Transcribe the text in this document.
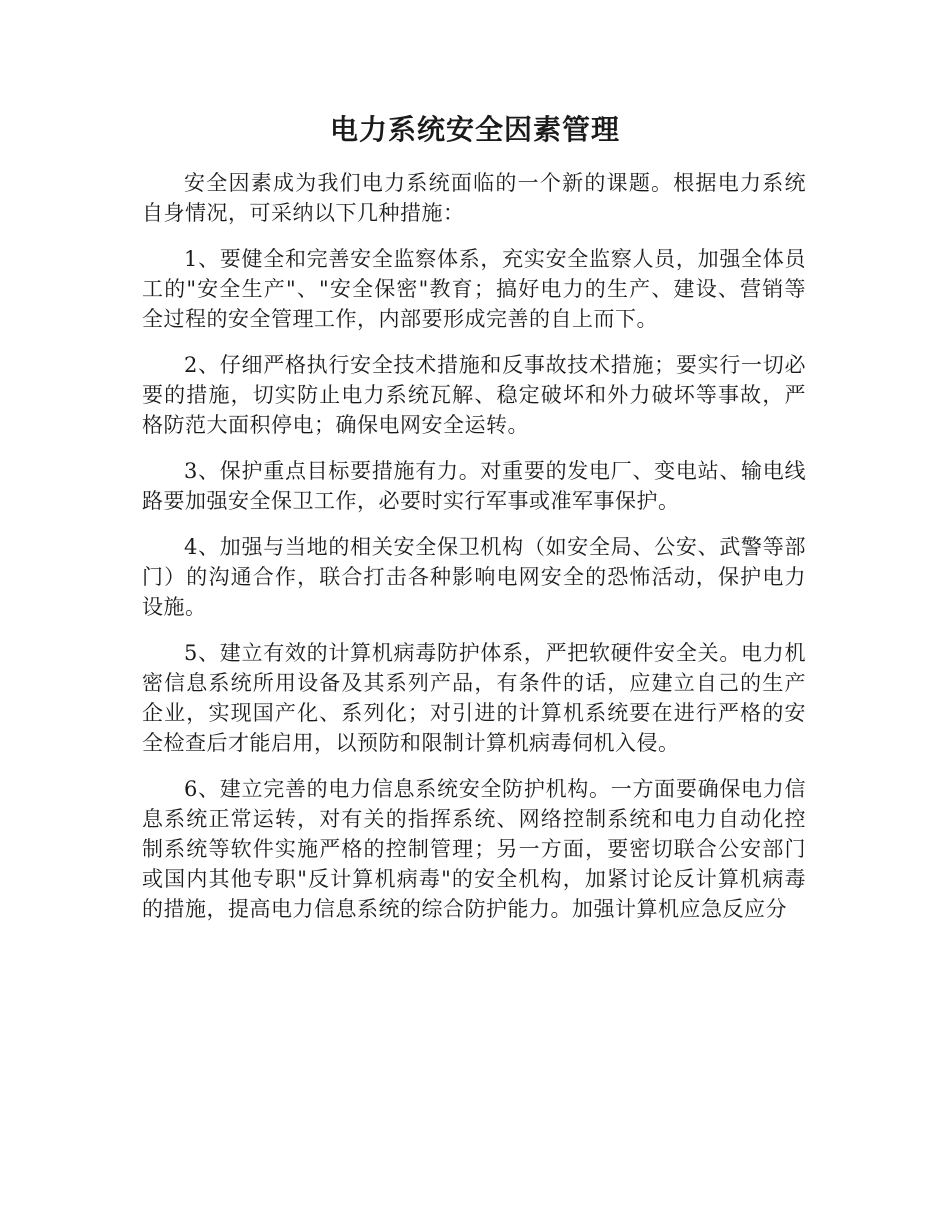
电力系统安全因素管理

安全因素成为我们电力系统面临的一个新的课题。根据电力系统自身情况，可采纳以下几种措施：

1、要健全和完善安全监察体系，充实安全监察人员，加强全体员工的"安全生产"、"安全保密"教育；搞好电力的生产、建设、营销等全过程的安全管理工作，内部要形成完善的自上而下。

2、仔细严格执行安全技术措施和反事故技术措施；要实行一切必要的措施，切实防止电力系统瓦解、稳定破坏和外力破坏等事故，严格防范大面积停电；确保电网安全运转。

3、保护重点目标要措施有力。对重要的发电厂、变电站、输电线路要加强安全保卫工作，必要时实行军事或准军事保护。

4、加强与当地的相关安全保卫机构（如安全局、公安、武警等部门）的沟通合作，联合打击各种影响电网安全的恐怖活动，保护电力设施。

5、建立有效的计算机病毒防护体系，严把软硬件安全关。电力机密信息系统所用设备及其系列产品，有条件的话，应建立自己的生产企业，实现国产化、系列化；对引进的计算机系统要在进行严格的安全检查后才能启用，以预防和限制计算机病毒伺机入侵。

6、建立完善的电力信息系统安全防护机构。一方面要确保电力信息系统正常运转，对有关的指挥系统、网络控制系统和电力自动化控制系统等软件实施严格的控制管理；另一方面，要密切联合公安部门或国内其他专职"反计算机病毒"的安全机构，加紧讨论反计算机病毒的措施，提高电力信息系统的综合防护能力。加强计算机应急反应分
